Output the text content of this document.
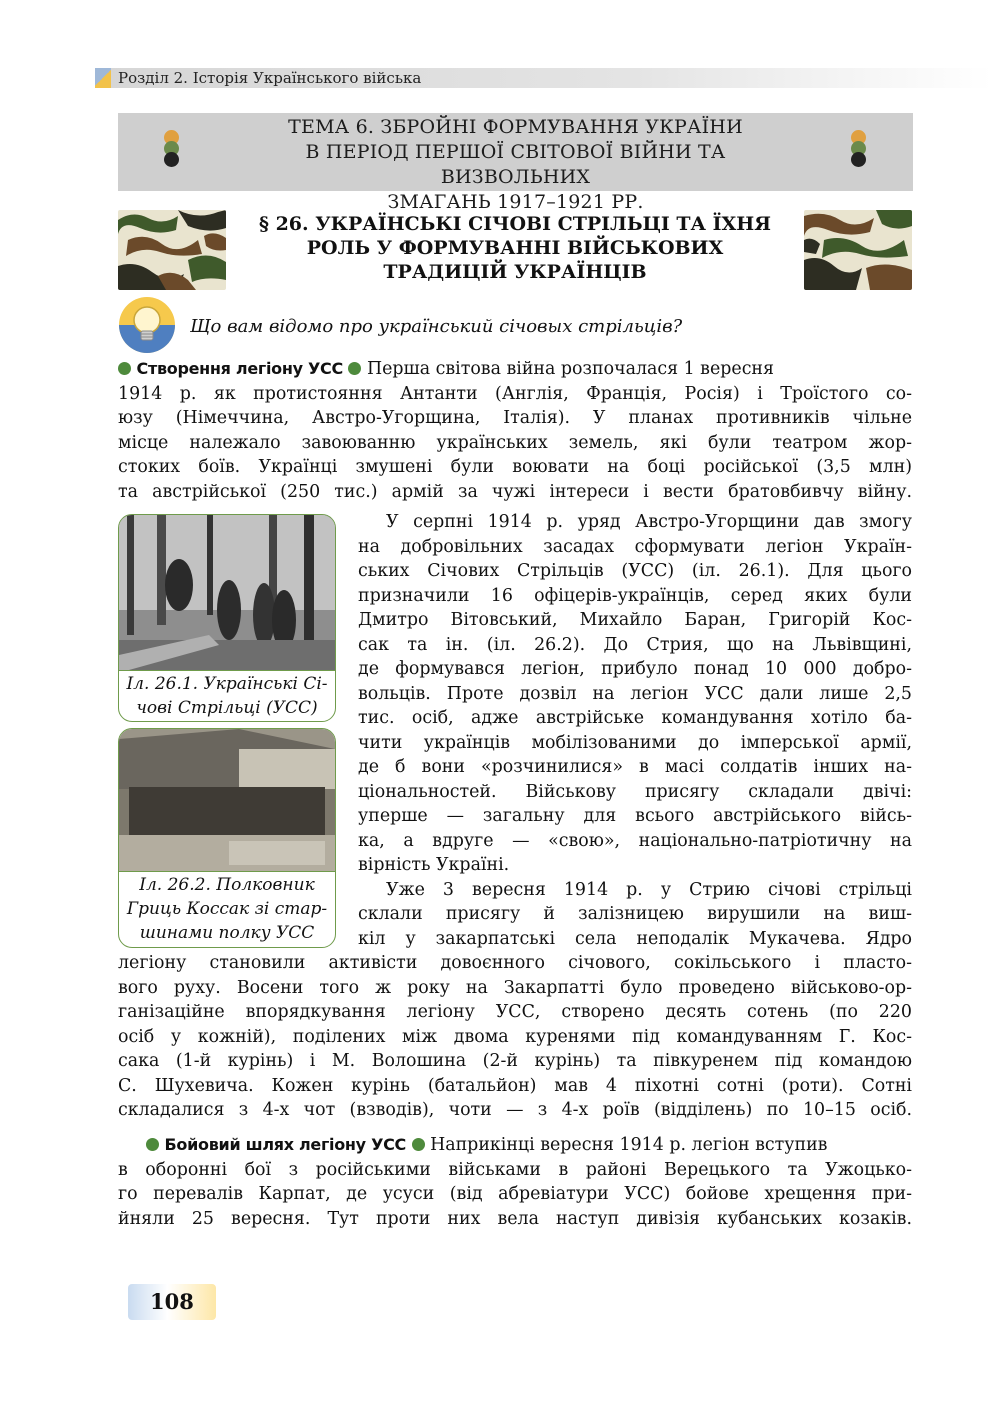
Розділ 2. Історія Українського війська
ТЕМА 6. ЗБРОЙНІ ФОРМУВАННЯ УКРАЇНИ
В ПЕРІОД ПЕРШОЇ СВІТОВОЇ ВІЙНИ ТА ВИЗВОЛЬНИХ
ЗМАГАНЬ 1917–1921 РР.
§ 26. УКРАЇНСЬКІ СІЧОВІ СТРІЛЬЦІ ТА ЇХНЯ
РОЛЬ У ФОРМУВАННІ ВІЙСЬКОВИХ
ТРАДИЦІЙ УКРАЇНЦІВ
Що вам відомо про український січовых стрільців?

Створення легіону УСС Перша світова війна розпочалася 1 вересня

1914 р. як протистояння Антанти (Англія, Франція, Росія) і Троїстого со-

юзу (Німеччина, Австро-Угорщина, Італія). У планах противників чільне

місце належало завоюванню українських земель, які були театром жор-

стоких боїв. Українці змушені були воювати на боці російської (3,5 млн)

та австрійської (250 тис.) армій за чужі інтереси і вести братовбивчу війну.

Іл. 26.1. Українські Сі-
чові Стрільці (УСС)
Іл. 26.2. Полковник
Гриць Коссак зі стар-
шинами полку УСС

У серпні 1914 р. уряд Австро-Угорщини дав змогу

на добровільних засадах сформувати легіон Україн-

ських Січових Стрільців (УСС) (іл. 26.1). Для цього

призначили 16 офіцерів-українців, серед яких були

Дмитро Вітовський, Михайло Баран, Григорій Кос-

сак та ін. (іл. 26.2). До Стрия, що на Львівщині,

де формувався легіон, прибуло понад 10 000 добро-

вольців. Проте дозвіл на легіон УСС дали лише 2,5

тис. осіб, адже австрійське командування хотіло ба-

чити українців мобілізованими до імперської армії,

де б вони «розчинилися» в масі солдатів інших на-

ціональностей. Військову присягу складали двічі:

уперше — загальну для всього австрійського війсь-

ка, а вдруге — «свою», національно-патріотичну на

вірність Україні.

Уже 3 вересня 1914 р. у Стрию січові стрільці

склали присягу й залізницею вирушили на виш-

кіл у закарпатські села неподалік Мукачева. Ядро

легіону становили активісти довоєнного січового, сокільського і пласто-

вого руху. Восени того ж року на Закарпатті було проведено військово-ор-

ганізаційне впорядкування легіону УСС, створено десять сотень (по 220

осіб у кожній), поділених між двома куренями під командуванням Г. Кос-

сака (1-й курінь) і М. Волошина (2-й курінь) та півкуренем під командою

С. Шухевича. Кожен курінь (батальйон) мав 4 піхотні сотні (роти). Сотні

складалися з 4-х чот (взводів), чоти — з 4-х роїв (відділень) по 10–15 осіб.

Бойовий шлях легіону УСС Наприкінці вересня 1914 р. легіон вступив

в оборонні бої з російськими військами в районі Верецького та Ужоцько-

го перевалів Карпат, де усуси (від абревіатури УСС) бойове хрещення при-

йняли 25 вересня. Тут проти них вела наступ дивізія кубанських козаків.

108
